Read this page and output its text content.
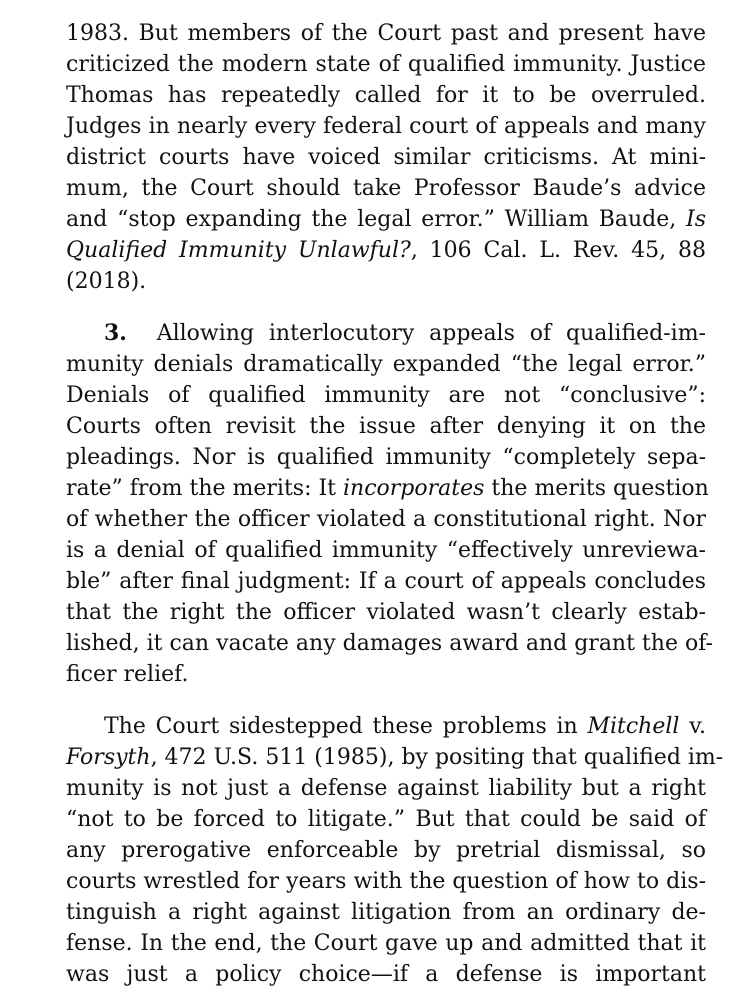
1983. But members of the Court past and present have
criticized the modern state of qualified immunity. Justice
Thomas has repeatedly called for it to be overruled.
Judges in nearly every federal court of appeals and many
district courts have voiced similar criticisms. At mini-
mum, the Court should take Professor Baude’s advice
and “stop expanding the legal error.” William Baude, Is
Qualified Immunity Unlawful?, 106 Cal. L. Rev. 45, 88
(2018).
3. Allowing interlocutory appeals of qualified-im-
munity denials dramatically expanded “the legal error.”
Denials of qualified immunity are not “conclusive”:
Courts often revisit the issue after denying it on the
pleadings. Nor is qualified immunity “completely sepa-
rate” from the merits: It incorporates the merits question
of whether the officer violated a constitutional right. Nor
is a denial of qualified immunity “effectively unreviewa-
ble” after final judgment: If a court of appeals concludes
that the right the officer violated wasn’t clearly estab-
lished, it can vacate any damages award and grant the of-
ficer relief.
The Court sidestepped these problems in Mitchell v.
Forsyth, 472 U.S. 511 (1985), by positing that qualified im-
munity is not just a defense against liability but a right
“not to be forced to litigate.” But that could be said of
any prerogative enforceable by pretrial dismissal, so
courts wrestled for years with the question of how to dis-
tinguish a right against litigation from an ordinary de-
fense. In the end, the Court gave up and admitted that it
was just a policy choice—if a defense is important
